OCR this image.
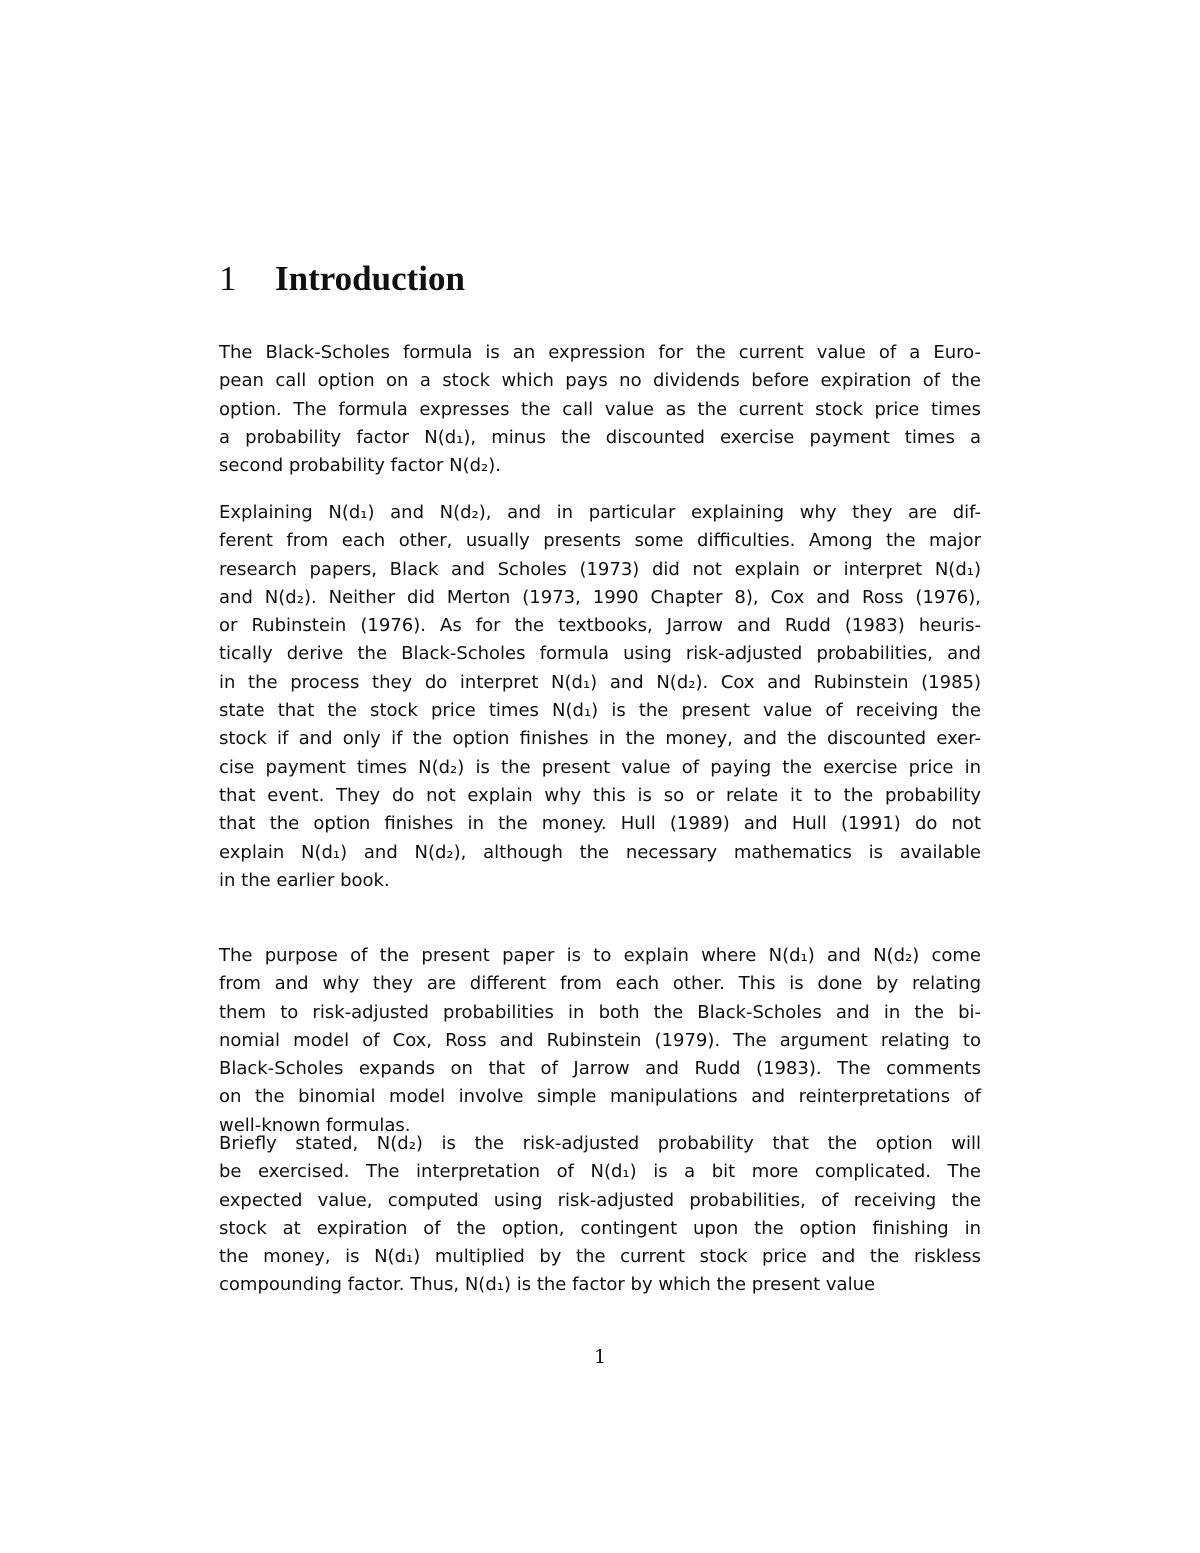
1 Introduction
The Black-Scholes formula is an expression for the current value of a Euro-
pean call option on a stock which pays no dividends before expiration of the
option. The formula expresses the call value as the current stock price times
a probability factor N(d₁), minus the discounted exercise payment times a
second probability factor N(d₂).
Explaining N(d₁) and N(d₂), and in particular explaining why they are dif-
ferent from each other, usually presents some difficulties. Among the major
research papers, Black and Scholes (1973) did not explain or interpret N(d₁)
and N(d₂). Neither did Merton (1973, 1990 Chapter 8), Cox and Ross (1976),
or Rubinstein (1976). As for the textbooks, Jarrow and Rudd (1983) heuris-
tically derive the Black-Scholes formula using risk-adjusted probabilities, and
in the process they do interpret N(d₁) and N(d₂). Cox and Rubinstein (1985)
state that the stock price times N(d₁) is the present value of receiving the
stock if and only if the option finishes in the money, and the discounted exer-
cise payment times N(d₂) is the present value of paying the exercise price in
that event. They do not explain why this is so or relate it to the probability
that the option finishes in the money. Hull (1989) and Hull (1991) do not
explain N(d₁) and N(d₂), although the necessary mathematics is available
in the earlier book.
The purpose of the present paper is to explain where N(d₁) and N(d₂) come
from and why they are different from each other. This is done by relating
them to risk-adjusted probabilities in both the Black-Scholes and in the bi-
nomial model of Cox, Ross and Rubinstein (1979). The argument relating to
Black-Scholes expands on that of Jarrow and Rudd (1983). The comments
on the binomial model involve simple manipulations and reinterpretations of
well-known formulas.
Briefly stated, N(d₂) is the risk-adjusted probability that the option will
be exercised. The interpretation of N(d₁) is a bit more complicated. The
expected value, computed using risk-adjusted probabilities, of receiving the
stock at expiration of the option, contingent upon the option finishing in
the money, is N(d₁) multiplied by the current stock price and the riskless
compounding factor. Thus, N(d₁) is the factor by which the present value
1
